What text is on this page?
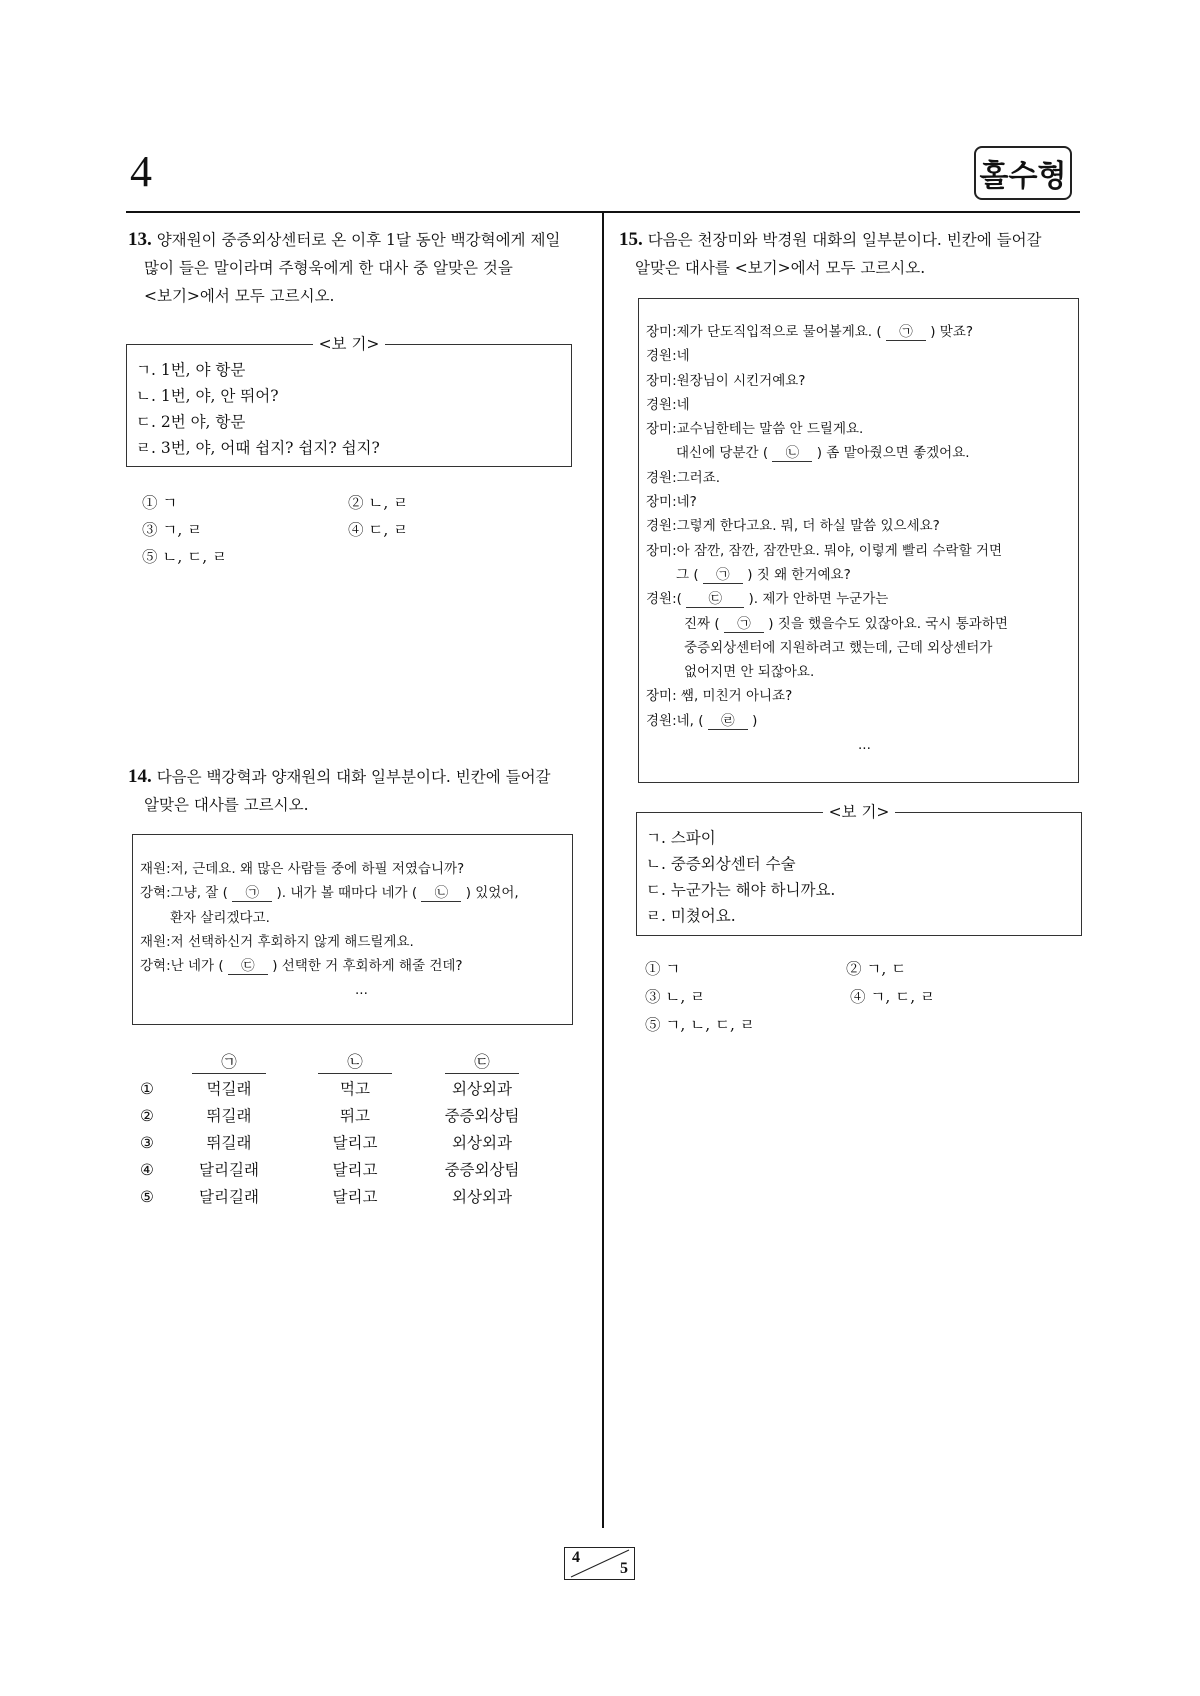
4	홀수형
13. 양재원이 중증외상센터로 온 이후 1달 동안 백강혁에게 제일
많이 들은 말이라며 주형욱에게 한 대사 중 알맞은 것을
<보기>에서 모두 고르시오.
<보 기>
ㄱ. 1번, 야 항문
ㄴ. 1번, 야, 안 뛰어?
ㄷ. 2번 야, 항문
ㄹ. 3번, 야, 어때 쉽지? 쉽지? 쉽지?
① ㄱ	② ㄴ, ㄹ
③ ㄱ, ㄹ	④ ㄷ, ㄹ
⑤ ㄴ, ㄷ, ㄹ
14. 다음은 백강혁과 양재원의 대화 일부분이다. 빈칸에 들어갈
알맞은 대사를 고르시오.
재원:저, 근데요. 왜 많은 사람들 중에 하필 저였습니까?
강혁:그냥, 잘 ( ㉠ ). 내가 볼 때마다 네가 ( ㉡ ) 있었어,
환자 살리겠다고.
재원:저 선택하신거 후회하지 않게 해드릴게요.
강혁:난 네가 ( ㉢ ) 선택한 거 후회하게 해줄 건데?
...
㉠	㉡	㉢
①	먹길래	먹고	외상외과
②	뛰길래	뛰고	중증외상팀
③	뛰길래	달리고	외상외과
④	달리길래	달리고	중증외상팀
⑤	달리길래	달리고	외상외과
15. 다음은 천장미와 박경원 대화의 일부분이다. 빈칸에 들어갈
알맞은 대사를 <보기>에서 모두 고르시오.
장미:제가 단도직입적으로 물어볼게요. ( ㉠ ) 맞죠?
경원:네
장미:원장님이 시킨거예요?
경원:네
장미:교수님한테는 말씀 안 드릴게요.
대신에 당분간 ( ㉡ ) 좀 맡아줬으면 좋겠어요.
경원:그러죠.
장미:네?
경원:그렇게 한다고요. 뭐, 더 하실 말씀 있으세요?
장미:아 잠깐, 잠깐, 잠깐만요. 뭐야, 이렇게 빨리 수락할 거면
그 ( ㉠ ) 짓 왜 한거예요?
경원:( ㉢ ). 제가 안하면 누군가는
진짜 ( ㉠ ) 짓을 했을수도 있잖아요. 국시 통과하면
중증외상센터에 지원하려고 했는데, 근데 외상센터가
없어지면 안 되잖아요.
장미: 쌤, 미친거 아니죠?
경원:네, ( ㉣ )
...
<보 기>
ㄱ. 스파이
ㄴ. 중증외상센터 수술
ㄷ. 누군가는 해야 하니까요.
ㄹ. 미쳤어요.
① ㄱ	② ㄱ, ㄷ
③ ㄴ, ㄹ	④ ㄱ, ㄷ, ㄹ
⑤ ㄱ, ㄴ, ㄷ, ㄹ
4
5
